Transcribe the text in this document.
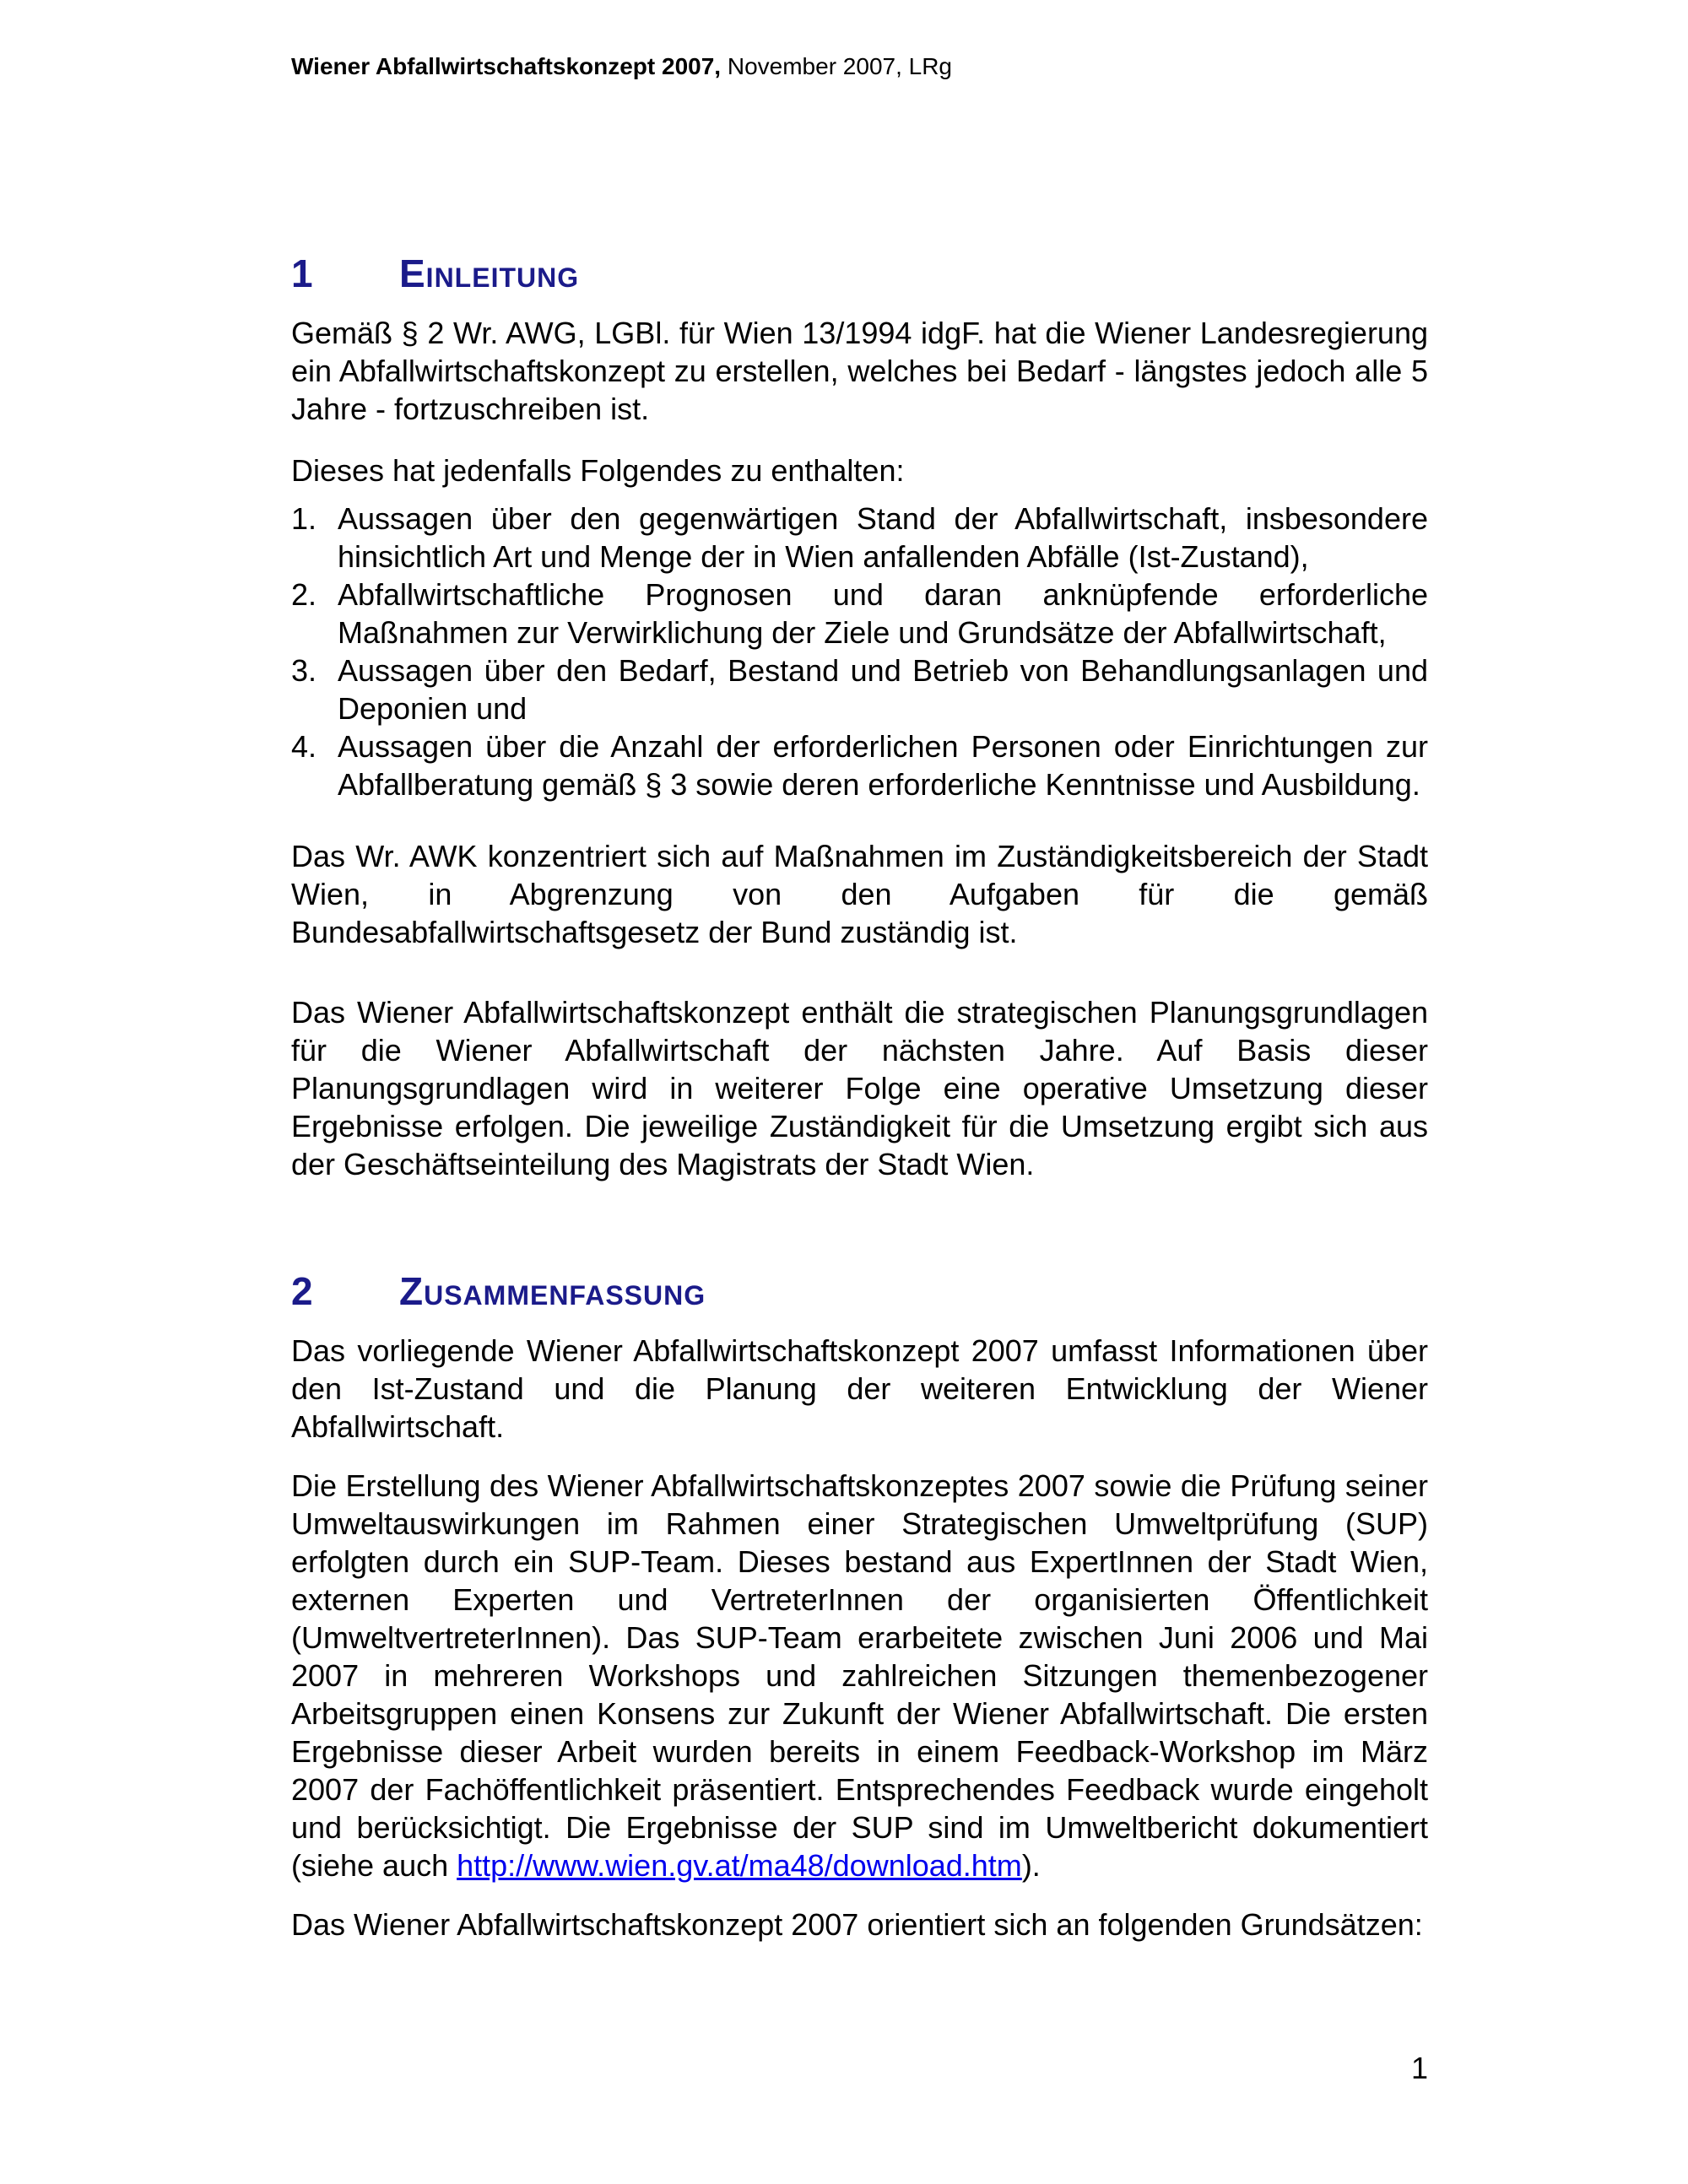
Wiener Abfallwirtschaftskonzept 2007, November 2007, LRg
1	Einleitung

Gemäß § 2 Wr. AWG, LGBl. für Wien 13/1994 idgF. hat die Wiener Landesregierung ein Abfallwirtschaftskonzept zu erstellen, welches bei Bedarf - längstes jedoch alle 5 Jahre - fortzuschreiben ist.

Dieses hat jedenfalls Folgendes zu enthalten:

1. Aussagen über den gegenwärtigen Stand der Abfallwirtschaft, insbesondere hinsichtlich Art und Menge der in Wien anfallenden Abfälle (Ist-Zustand),
2. Abfallwirtschaftliche Prognosen und daran anknüpfende erforderliche Maßnahmen zur Verwirklichung der Ziele und Grundsätze der Abfallwirtschaft,
3. Aussagen über den Bedarf, Bestand und Betrieb von Behandlungsanlagen und Deponien und
4. Aussagen über die Anzahl der erforderlichen Personen oder Einrichtungen zur Abfallberatung gemäß § 3 sowie deren erforderliche Kenntnisse und Ausbildung.

Das Wr. AWK konzentriert sich auf Maßnahmen im Zuständigkeitsbereich der Stadt Wien, in Abgrenzung von den Aufgaben für die gemäß Bundesabfallwirtschaftsgesetz der Bund zuständig ist.

Das Wiener Abfallwirtschaftskonzept enthält die strategischen Planungsgrundlagen für die Wiener Abfallwirtschaft der nächsten Jahre. Auf Basis dieser Planungsgrundlagen wird in weiterer Folge eine operative Umsetzung dieser Ergebnisse erfolgen. Die jeweilige Zuständigkeit für die Umsetzung ergibt sich aus der Geschäftseinteilung des Magistrats der Stadt Wien.

2	Zusammenfassung

Das vorliegende Wiener Abfallwirtschaftskonzept 2007 umfasst Informationen über den Ist-Zustand und die Planung der weiteren Entwicklung der Wiener Abfallwirtschaft.

Die Erstellung des Wiener Abfallwirtschaftskonzeptes 2007 sowie die Prüfung seiner Umweltauswirkungen im Rahmen einer Strategischen Umweltprüfung (SUP) erfolgten durch ein SUP-Team. Dieses bestand aus ExpertInnen der Stadt Wien, externen Experten und VertreterInnen der organisierten Öffentlichkeit (UmweltvertreterInnen). Das SUP-Team erarbeitete zwischen Juni 2006 und Mai 2007 in mehreren Workshops und zahlreichen Sitzungen themenbezogener Arbeitsgruppen einen Konsens zur Zukunft der Wiener Abfallwirtschaft. Die ersten Ergebnisse dieser Arbeit wurden bereits in einem Feedback-Workshop im März 2007 der Fachöffentlichkeit präsentiert. Entsprechendes Feedback wurde eingeholt und berücksichtigt. Die Ergebnisse der SUP sind im Umweltbericht dokumentiert (siehe auch http://www.wien.gv.at/ma48/download.htm).

Das Wiener Abfallwirtschaftskonzept 2007 orientiert sich an folgenden Grundsätzen:

1
